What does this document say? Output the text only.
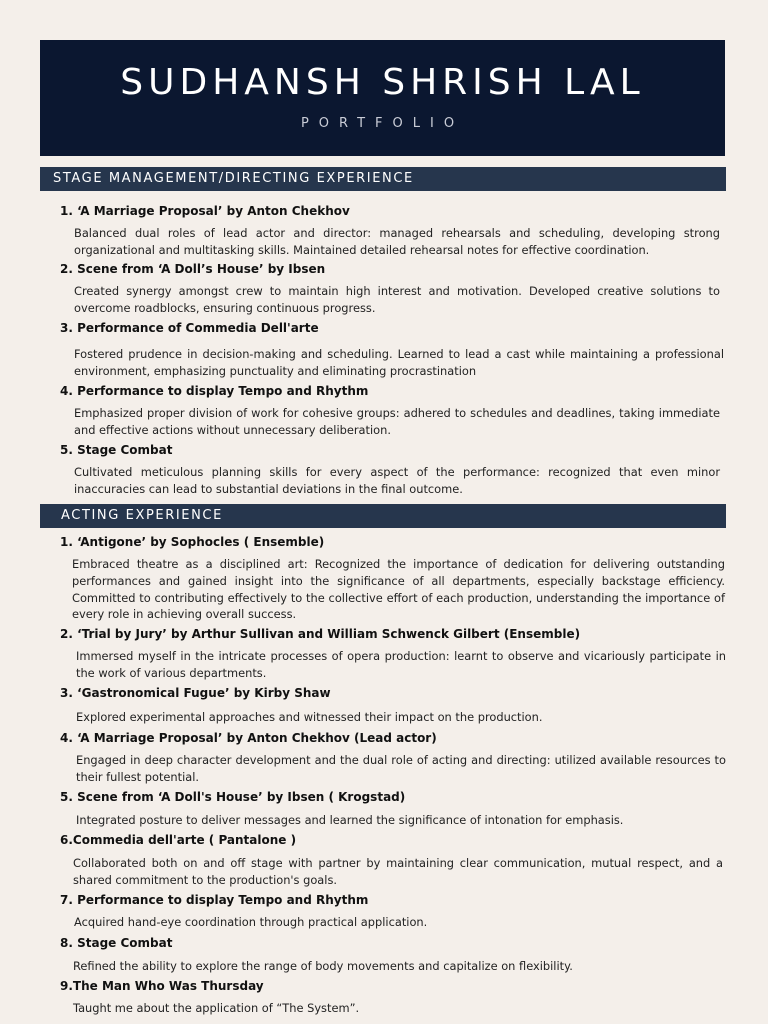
SUDHANSH SHRISH LAL
PORTFOLIO
STAGE MANAGEMENT/DIRECTING EXPERIENCE
1. ‘A Marriage Proposal’ by Anton Chekhov
Balanced dual roles of lead actor and director: managed rehearsals and scheduling, developing strong organizational and multitasking skills. Maintained detailed rehearsal notes for effective coordination.
2. Scene from ‘A Doll’s House’ by Ibsen
Created synergy amongst crew to maintain high interest and motivation. Developed creative solutions to overcome roadblocks, ensuring continuous progress.
3. Performance of Commedia Dell'arte
Fostered prudence in decision-making and scheduling. Learned to lead a cast while maintaining a professional environment, emphasizing punctuality and eliminating procrastination
4. Performance to display Tempo and Rhythm
Emphasized proper division of work for cohesive groups: adhered to schedules and deadlines, taking immediate and effective actions without unnecessary deliberation.
5. Stage Combat
Cultivated meticulous planning skills for every aspect of the performance: recognized that even minor inaccuracies can lead to substantial deviations in the final outcome.
ACTING EXPERIENCE
1. ‘Antigone’ by Sophocles ( Ensemble)
Embraced theatre as a disciplined art: Recognized the importance of dedication for delivering outstanding performances and gained insight into the significance of all departments, especially backstage efficiency. Committed to contributing effectively to the collective effort of each production, understanding the importance of every role in achieving overall success.
2. ‘Trial by Jury’ by Arthur Sullivan and William Schwenck Gilbert (Ensemble)
Immersed myself in the intricate processes of opera production: learnt to observe and vicariously participate in the work of various departments.
3. ‘Gastronomical Fugue’ by Kirby Shaw
Explored experimental approaches and witnessed their impact on the production.
4. ‘A Marriage Proposal’ by Anton Chekhov (Lead actor)
Engaged in deep character development and the dual role of acting and directing: utilized available resources to their fullest potential.
5. Scene from ‘A Doll's House’ by Ibsen ( Krogstad)
Integrated posture to deliver messages and learned the significance of intonation for emphasis.
6.Commedia dell'arte ( Pantalone )
Collaborated both on and off stage with partner by maintaining clear communication, mutual respect, and a shared commitment to the production's goals.
7. Performance to display Tempo and Rhythm
Acquired hand-eye coordination through practical application.
8. Stage Combat
Refined the ability to explore the range of body movements and capitalize on flexibility.
9.The Man Who Was Thursday
Taught me about the application of “The System”.
